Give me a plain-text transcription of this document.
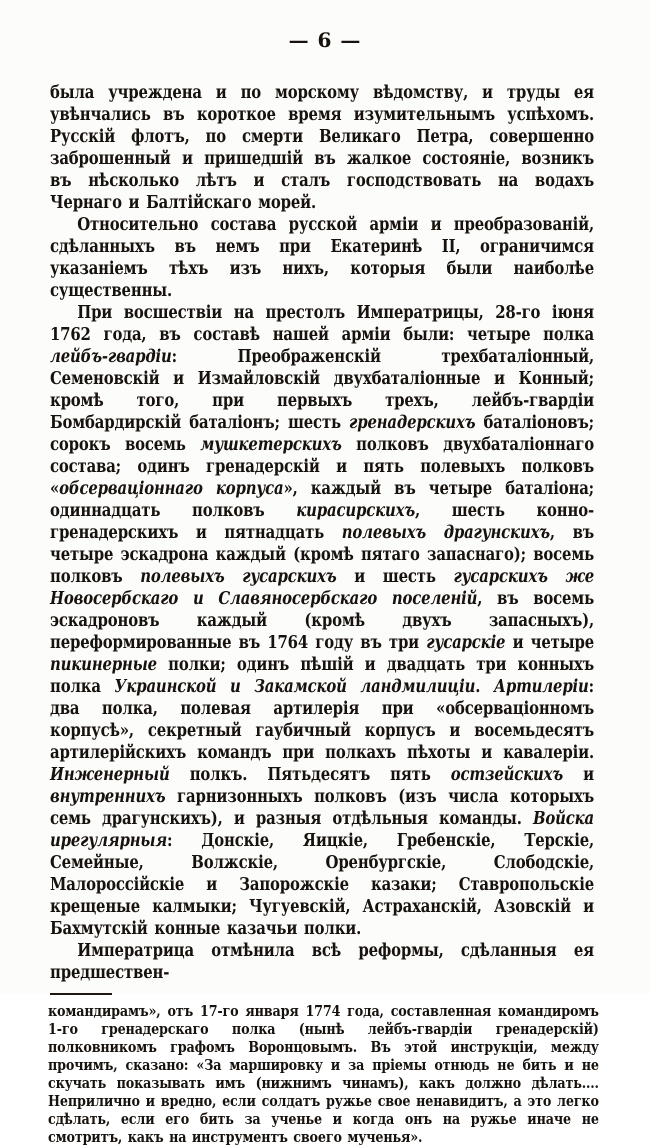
— 6 —

была учреждена и по морскому вѣдомству, и труды ея увѣнчались въ короткое время изумительнымъ успѣхомъ. Русскій флотъ, по смерти Великаго Петра, совершенно заброшенный и пришедшій въ жалкое состояніе, возникъ въ нѣсколько лѣтъ и сталъ господствовать на водахъ Чернаго и Балтійскаго морей.

Относительно состава русской арміи и преобразованій, сдѣланныхъ въ немъ при Екатеринѣ II, ограничимся указаніемъ тѣхъ изъ нихъ, которыя были наиболѣе существенны.

При восшествіи на престолъ Императрицы, 28-го іюня 1762 года, въ составѣ нашей арміи были: четыре полка лейбъ-гвардіи: Преображенскій трехбаталіонный, Семеновскій и Измайловскій двухбаталіонные и Конный; кромѣ того, при первыхъ трехъ, лейбъ-гвардіи Бомбардирскій баталіонъ; шесть гренадерскихъ баталіоновъ; сорокъ восемь мушкетерскихъ полковъ двухбаталіоннаго состава; одинъ гренадерскій и пять полевыхъ полковъ «обсерваціоннаго корпуса», каждый въ четыре баталіона; одиннадцать полковъ кирасирскихъ, шесть конно-гренадерскихъ и пятнадцать полевыхъ драгунскихъ, въ четыре эскадрона каждый (кромѣ пятаго запаснаго); восемь полковъ полевыхъ гусарскихъ и шесть гусарскихъ же Новосербскаго и Славяносербскаго поселеній, въ восемь эскадроновъ каждый (кромѣ двухъ запасныхъ), переформированные въ 1764 году въ три гусарскіе и четыре пикинерные полки; одинъ пѣшій и двадцать три конныхъ полка Украинской и Закамской ландмилиціи. Артилеріи: два полка, полевая артилерія при «обсерваціонномъ корпусѣ», секретный гаубичный корпусъ и восемьдесятъ артилерійскихъ командъ при полкахъ пѣхоты и кавалеріи. Инженерный полкъ. Пятьдесятъ пять остзейскихъ и внутреннихъ гарнизонныхъ полковъ (изъ числа которыхъ семь драгунскихъ), и разныя отдѣльныя команды. Войска ирегулярныя: Донскіе, Яицкіе, Гребенскіе, Терскіе, Семейные, Волжскіе, Оренбургскіе, Слободскіе, Малороссійскіе и Запорожскіе казаки; Ставропольскіе крещеные калмыки; Чугуевскій, Астраханскій, Азовскій и Бахмутскій конные казачьи полки.

Императрица отмѣнила всѣ реформы, сдѣланныя ея предшествен-

командирамъ», отъ 17-го января 1774 года, составленная командиромъ 1-го гренадерскаго полка (нынѣ лейбъ-гвардіи гренадерскій) полковникомъ графомъ Воронцовымъ. Въ этой инструкціи, между прочимъ, сказано: «За маршировку и за пріемы отнюдь не бить и не скучать показывать имъ (нижнимъ чинамъ), какъ должно дѣлать.... Неприлично и вредно, если солдатъ ружье свое ненавидитъ, а это легко сдѣлать, если его бить за ученье и когда онъ на ружье иначе не смотритъ, какъ на инструментъ своего мученья».
